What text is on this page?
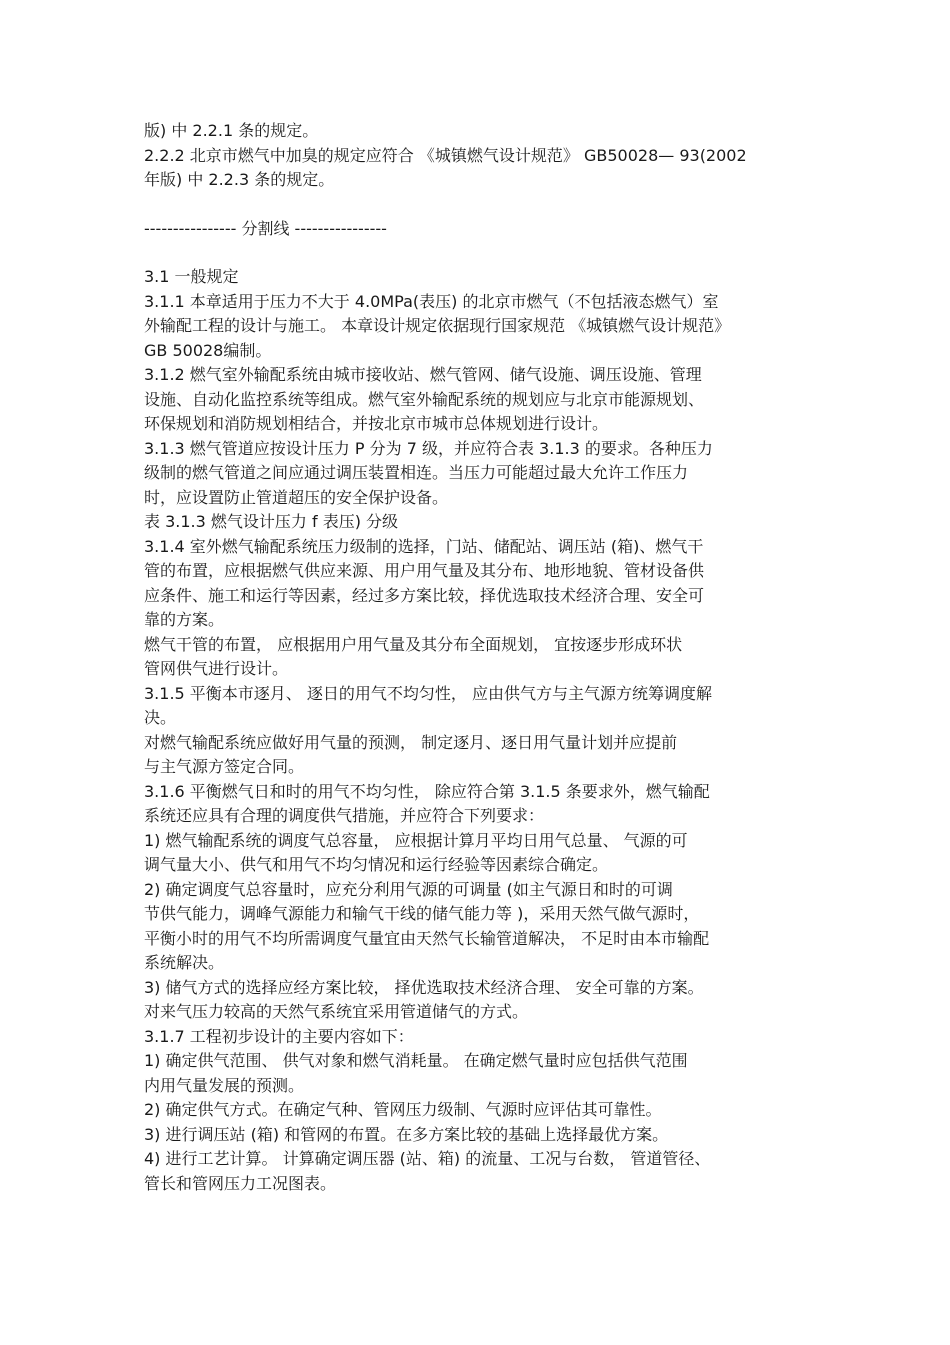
版) 中 2.2.1 条的规定。
2.2.2 北京市燃气中加臭的规定应符合 《城镇燃气设计规范》 GB50028— 93(2002
年版) 中 2.2.3 条的规定。
---------------- 分割线 ----------------
3.1 一般规定
3.1.1 本章适用于压力不大于 4.0MPa(表压) 的北京市燃气（不包括液态燃气）室
外输配工程的设计与施工。 本章设计规定依据现行国家规范 《城镇燃气设计规范》
GB 50028编制。
3.1.2 燃气室外输配系统由城市接收站、燃气管网、储气设施、调压设施、管理
设施、自动化监控系统等组成。燃气室外输配系统的规划应与北京市能源规划、
环保规划和消防规划相结合，并按北京市城市总体规划进行设计。
3.1.3 燃气管道应按设计压力 P 分为 7 级，并应符合表 3.1.3 的要求。各种压力
级制的燃气管道之间应通过调压装置相连。当压力可能超过最大允许工作压力
时，应设置防止管道超压的安全保护设备。
表 3.1.3 燃气设计压力 f 表压) 分级
3.1.4 室外燃气输配系统压力级制的选择，门站、储配站、调压站 (箱)、燃气干
管的布置，应根据燃气供应来源、用户用气量及其分布、地形地貌、管材设备供
应条件、施工和运行等因素，经过多方案比较，择优选取技术经济合理、安全可
靠的方案。
燃气干管的布置， 应根据用户用气量及其分布全面规划， 宜按逐步形成环状
管网供气进行设计。
3.1.5 平衡本市逐月、 逐日的用气不均匀性， 应由供气方与主气源方统筹调度解
决。
对燃气输配系统应做好用气量的预测， 制定逐月、逐日用气量计划并应提前
与主气源方签定合同。
3.1.6 平衡燃气日和时的用气不均匀性， 除应符合第 3.1.5 条要求外，燃气输配
系统还应具有合理的调度供气措施，并应符合下列要求：
1) 燃气输配系统的调度气总容量， 应根据计算月平均日用气总量、 气源的可
调气量大小、供气和用气不均匀情况和运行经验等因素综合确定。
2) 确定调度气总容量时，应充分利用气源的可调量 (如主气源日和时的可调
节供气能力，调峰气源能力和输气干线的储气能力等 )，采用天然气做气源时，
平衡小时的用气不均所需调度气量宜由天然气长输管道解决， 不足时由本市输配
系统解决。
3) 储气方式的选择应经方案比较， 择优选取技术经济合理、 安全可靠的方案。
对来气压力较高的天然气系统宜采用管道储气的方式。
3.1.7 工程初步设计的主要内容如下：
1) 确定供气范围、 供气对象和燃气消耗量。 在确定燃气量时应包括供气范围
内用气量发展的预测。
2) 确定供气方式。在确定气种、管网压力级制、气源时应评估其可靠性。
3) 进行调压站 (箱) 和管网的布置。在多方案比较的基础上选择最优方案。
4) 进行工艺计算。 计算确定调压器 (站、箱) 的流量、工况与台数， 管道管径、
管长和管网压力工况图表。
